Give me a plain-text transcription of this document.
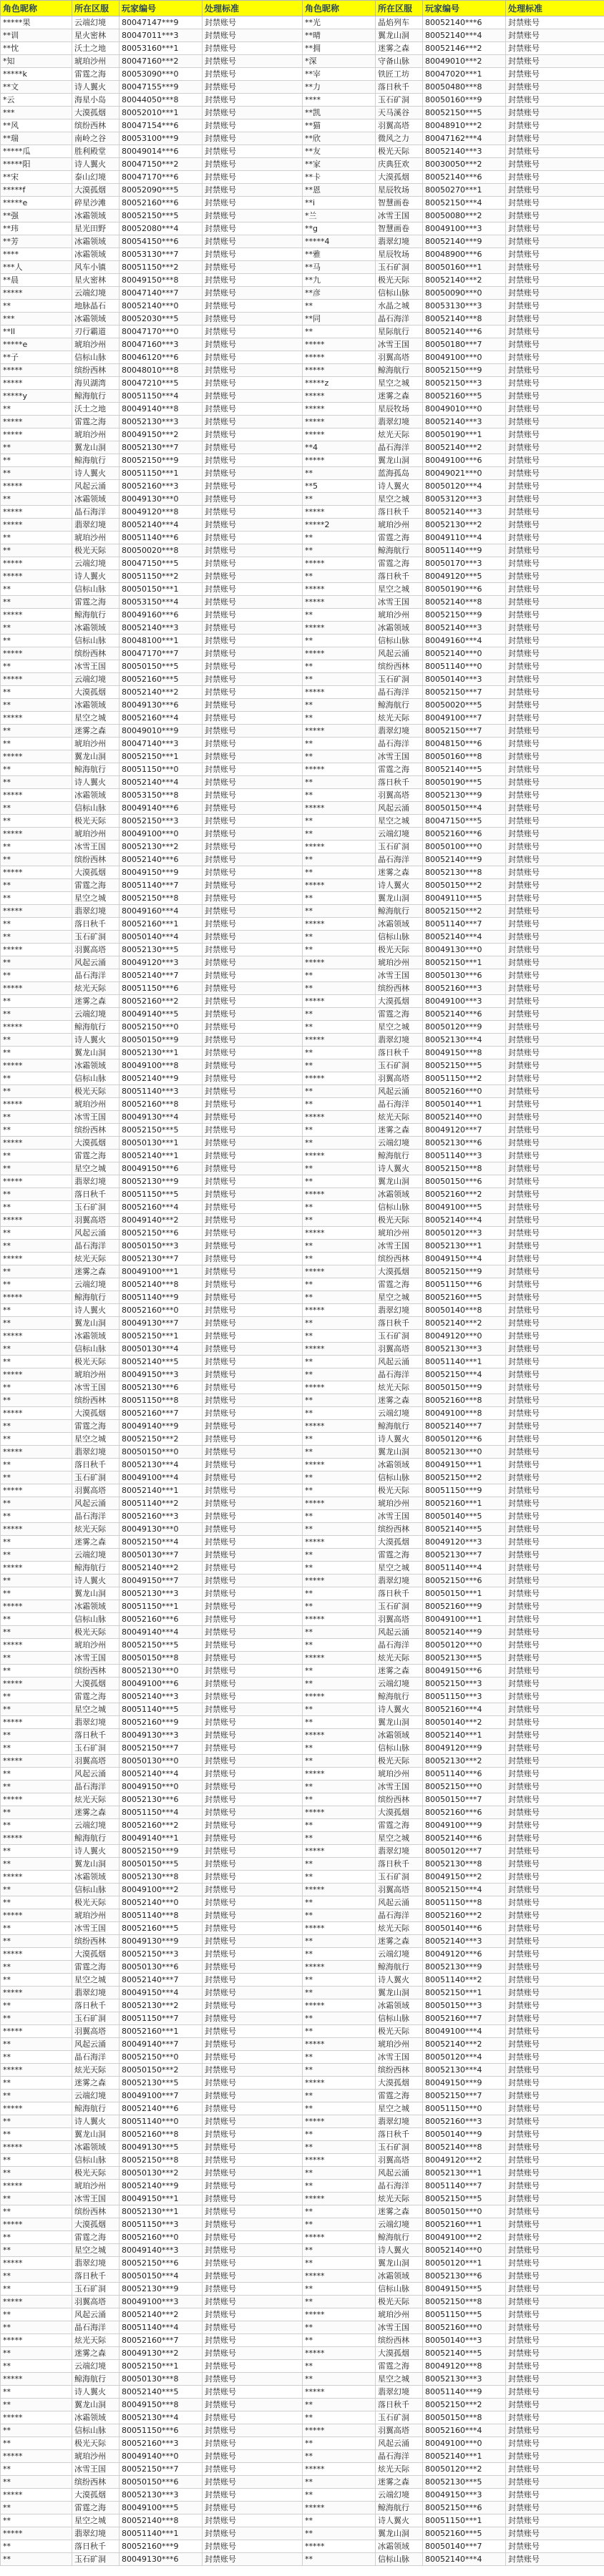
角色昵称	所在区服	玩家编号	处理标准	角色昵称	所在区服	玩家编号	处理标准
*****果	云端幻境	80047147***9	封禁账号	**光	晶焰列车	80052140***6	封禁账号
**训	星火密林	80047011***3	封禁账号	**晴	翼龙山洞	80052140***4	封禁账号
**忱	沃土之地	80053160***1	封禁账号	**拥	迷雾之森	80052146***2	封禁账号
*知	琥珀沙州	80047160***2	封禁账号	*深	守备山脉	80049010***2	封禁账号
*****k	雷霆之海	80053090***0	封禁账号	**宰	铁匠工坊	80047020***1	封禁账号
**文	诗人翼火	80047155***9	封禁账号	**力	落日秋千	80050480***8	封禁账号
*云	海星小岛	80044050***8	封禁账号	****	玉石矿洞	80050160***9	封禁账号
***	大漠孤烟	80052010***1	封禁账号	**凯	天马溪谷	80052150***5	封禁账号
**风	缤纷西林	80047154***6	封禁账号	**猫	羽翼高塔	80048910***2	封禁账号
**瑞	南岭之谷	80053100***9	封禁账号	**欣	微风之力	80047162***4	封禁账号
*****瓜	胜利殿堂	80049014***6	封禁账号	**友	极光天际	80052140***3	封禁账号
*****阳	诗人翼火	80047150***2	封禁账号	**家	庆典狂欢	80030050***2	封禁账号
**宋	泰山幻境	80047170***6	封禁账号	**卡	大漠孤烟	80052140***6	封禁账号
*****f	大漠孤烟	80052090***5	封禁账号	**恩	星辰牧场	80050270***1	封禁账号
*****e	碎星沙滩	80052160***6	封禁账号	**i	智慧画卷	80052150***4	封禁账号
**强	冰霜领域	80052150***5	封禁账号	*兰	冰雪王国	80050080***2	封禁账号
**玮	星光田野	80052080***4	封禁账号	**g	智慧画卷	80049100***3	封禁账号
**芳	冰霜领域	80054150***6	封禁账号	*****4	翡翠幻境	80052140***9	封禁账号
****	冰霜领域	80053130***7	封禁账号	**雅	星辰牧场	80048900***6	封禁账号
***人	风车小镇	80051150***2	封禁账号	**马	玉石矿洞	80050160***1	封禁账号
**晨	星火密林	80049150***8	封禁账号	**九	极光天际	80052140***2	封禁账号
*****	云端幻境	80047140***7	封禁账号	**彦	信标山脉	80050090***0	封禁账号
**	地脉晶石	80052140***0	封禁账号	**	水晶之城	80053130***3	封禁账号
***	冰霜领域	80052030***5	封禁账号	**同	晶石海洋	80052140***8	封禁账号
**ll	刃行霸道	80047170***0	封禁账号	**	星际航行	80052140***6	封禁账号
*****e	琥珀沙州	80047160***3	封禁账号	*****	冰雪王国	80050180***7	封禁账号
**子	信标山脉	80046120***6	封禁账号	*****	羽翼高塔	80049100***0	封禁账号
*****	缤纷西林	80048010***8	封禁账号	*****	鲸海航行	80052150***9	封禁账号
*****	海贝湖湾	80047210***5	封禁账号	*****z	星空之城	80052150***3	封禁账号
*****y	鲸海航行	80051150***4	封禁账号	*****	迷雾之森	80052160***5	封禁账号
**	沃土之地	80049140***8	封禁账号	*****	星辰牧场	80049010***0	封禁账号
*****	雷霆之海	80052130***3	封禁账号	*****	翡翠幻境	80052140***3	封禁账号
*****	琥珀沙州	80049150***2	封禁账号	*****	炫光天际	80050190***1	封禁账号
**	翼龙山洞	80052130***7	封禁账号	**4	晶石海洋	80052140***2	封禁账号
**	鲸海航行	80052150***9	封禁账号	*****	翼龙山洞	80049100***6	封禁账号
**	诗人翼火	80051150***1	封禁账号	**	蓝海孤岛	80049021***0	封禁账号
*****	风起云涌	80052160***3	封禁账号	**5	诗人翼火	80050120***4	封禁账号
**	冰霜领域	80049130***0	封禁账号	**	星空之城	80053120***3	封禁账号
*****	晶石海洋	80049120***8	封禁账号	*****	落日秋千	80052140***3	封禁账号
*****	翡翠幻境	80052140***4	封禁账号	*****2	琥珀沙州	80052130***2	封禁账号
**	琥珀沙州	80051140***6	封禁账号	**	雷霆之海	80049110***4	封禁账号
**	极光天际	80050020***8	封禁账号	**	鲸海航行	80051140***9	封禁账号
*****	云端幻境	80047150***5	封禁账号	*****	雷霆之海	80050170***3	封禁账号
*****	诗人翼火	80051150***2	封禁账号	**	落日秋千	80049120***5	封禁账号
**	信标山脉	80050150***1	封禁账号	*****	星空之城	80050190***6	封禁账号
**	雷霆之海	80053150***4	封禁账号	*****	冰雪王国	80052140***8	封禁账号
*****	鲸海航行	80049160***6	封禁账号	**	琥珀沙州	80052150***9	封禁账号
**	冰霜领域	80052140***3	封禁账号	*****	冰霜领域	80052140***3	封禁账号
**	信标山脉	80048100***1	封禁账号	**	信标山脉	80049160***4	封禁账号
*****	缤纷西林	80047170***7	封禁账号	*****	风起云涌	80052140***0	封禁账号
**	冰雪王国	80050150***5	封禁账号	**	缤纷西林	80051140***0	封禁账号
*****	云端幻境	80052160***5	封禁账号	**	玉石矿洞	80050140***3	封禁账号
**	大漠孤烟	80052140***2	封禁账号	*****	晶石海洋	80052150***7	封禁账号
**	冰霜领域	80049130***6	封禁账号	**	鲸海航行	80050020***5	封禁账号
*****	星空之城	80052160***4	封禁账号	**	炫光天际	80049100***7	封禁账号
**	迷雾之森	80049010***9	封禁账号	*****	翡翠幻境	80052150***7	封禁账号
**	琥珀沙州	80047140***3	封禁账号	**	晶石海洋	80048150***6	封禁账号
*****	翼龙山洞	80052150***1	封禁账号	**	冰雪王国	80050160***8	封禁账号
**	鲸海航行	80051150***0	封禁账号	*****	雷霆之海	80052140***5	封禁账号
**	诗人翼火	80052140***4	封禁账号	**	落日秋千	80050190***5	封禁账号
*****	冰霜领域	80053150***8	封禁账号	**	羽翼高塔	80052130***9	封禁账号
**	信标山脉	80049140***6	封禁账号	*****	风起云涌	80050150***4	封禁账号
**	极光天际	80052150***3	封禁账号	**	星空之城	80047150***5	封禁账号
*****	琥珀沙州	80049100***0	封禁账号	**	云端幻境	80052160***6	封禁账号
**	冰雪王国	80052130***2	封禁账号	*****	玉石矿洞	80050100***0	封禁账号
**	缤纷西林	80052140***6	封禁账号	**	晶石海洋	80052140***9	封禁账号
*****	大漠孤烟	80049150***9	封禁账号	**	迷雾之森	80052130***8	封禁账号
**	雷霆之海	80051140***7	封禁账号	*****	诗人翼火	80050150***2	封禁账号
**	星空之城	80052150***8	封禁账号	**	翼龙山洞	80049110***5	封禁账号
*****	翡翠幻境	80049160***4	封禁账号	**	鲸海航行	80052150***2	封禁账号
**	落日秋千	80052160***1	封禁账号	*****	冰霜领域	80051140***7	封禁账号
**	玉石矿洞	80050140***4	封禁账号	**	信标山脉	80052140***4	封禁账号
*****	羽翼高塔	80052130***5	封禁账号	**	极光天际	80049130***0	封禁账号
**	风起云涌	80049120***3	封禁账号	*****	琥珀沙州	80052150***1	封禁账号
**	晶石海洋	80052140***7	封禁账号	**	冰雪王国	80050130***6	封禁账号
*****	炫光天际	80051150***6	封禁账号	**	缤纷西林	80052160***3	封禁账号
**	迷雾之森	80052160***2	封禁账号	*****	大漠孤烟	80049100***3	封禁账号
**	云端幻境	80049140***5	封禁账号	**	雷霆之海	80052140***6	封禁账号
*****	鲸海航行	80052150***0	封禁账号	**	星空之城	80050120***9	封禁账号
**	诗人翼火	80050150***9	封禁账号	*****	翡翠幻境	80052130***4	封禁账号
**	翼龙山洞	80052130***1	封禁账号	**	落日秋千	80049150***8	封禁账号
*****	冰霜领域	80049100***8	封禁账号	**	玉石矿洞	80052150***5	封禁账号
**	信标山脉	80052140***9	封禁账号	*****	羽翼高塔	80051150***2	封禁账号
**	极光天际	80051140***3	封禁账号	**	风起云涌	80052160***0	封禁账号
*****	琥珀沙州	80052160***8	封禁账号	**	晶石海洋	80050140***1	封禁账号
**	冰雪王国	80049130***4	封禁账号	*****	炫光天际	80052140***0	封禁账号
**	缤纷西林	80052150***5	封禁账号	**	迷雾之森	80049120***7	封禁账号
*****	大漠孤烟	80050130***1	封禁账号	**	云端幻境	80052130***6	封禁账号
**	雷霆之海	80052140***1	封禁账号	*****	鲸海航行	80051140***3	封禁账号
**	星空之城	80049150***6	封禁账号	**	诗人翼火	80052150***8	封禁账号
*****	翡翠幻境	80052130***9	封禁账号	**	翼龙山洞	80050150***6	封禁账号
**	落日秋千	80051150***5	封禁账号	*****	冰霜领域	80052160***2	封禁账号
**	玉石矿洞	80052160***4	封禁账号	**	信标山脉	80049100***5	封禁账号
*****	羽翼高塔	80049140***2	封禁账号	**	极光天际	80052140***4	封禁账号
**	风起云涌	80052150***6	封禁账号	*****	琥珀沙州	80050120***3	封禁账号
**	晶石海洋	80050150***3	封禁账号	**	冰雪王国	80052130***1	封禁账号
*****	炫光天际	80052130***7	封禁账号	**	缤纷西林	80049150***4	封禁账号
**	迷雾之森	80049100***1	封禁账号	*****	大漠孤烟	80052150***9	封禁账号
**	云端幻境	80052140***8	封禁账号	**	雷霆之海	80051150***6	封禁账号
*****	鲸海航行	80051140***9	封禁账号	**	星空之城	80052160***5	封禁账号
**	诗人翼火	80052160***0	封禁账号	*****	翡翠幻境	80050140***8	封禁账号
**	翼龙山洞	80049130***7	封禁账号	**	落日秋千	80052140***2	封禁账号
*****	冰霜领域	80052150***1	封禁账号	**	玉石矿洞	80049120***0	封禁账号
**	信标山脉	80050130***4	封禁账号	*****	羽翼高塔	80052130***3	封禁账号
**	极光天际	80052140***5	封禁账号	**	风起云涌	80051140***1	封禁账号
*****	琥珀沙州	80049150***3	封禁账号	**	晶石海洋	80052150***4	封禁账号
**	冰雪王国	80052130***6	封禁账号	*****	炫光天际	80050150***9	封禁账号
**	缤纷西林	80051150***8	封禁账号	**	迷雾之森	80052160***8	封禁账号
*****	大漠孤烟	80052160***7	封禁账号	**	云端幻境	80049100***8	封禁账号
**	雷霆之海	80049140***9	封禁账号	*****	鲸海航行	80052140***7	封禁账号
**	星空之城	80052150***2	封禁账号	**	诗人翼火	80050120***6	封禁账号
*****	翡翠幻境	80050150***0	封禁账号	**	翼龙山洞	80052130***0	封禁账号
**	落日秋千	80052130***4	封禁账号	*****	冰霜领域	80049150***1	封禁账号
**	玉石矿洞	80049100***4	封禁账号	**	信标山脉	80052150***2	封禁账号
*****	羽翼高塔	80052140***1	封禁账号	**	极光天际	80051150***9	封禁账号
**	风起云涌	80051140***2	封禁账号	*****	琥珀沙州	80052160***1	封禁账号
**	晶石海洋	80052160***3	封禁账号	**	冰雪王国	80050140***5	封禁账号
*****	炫光天际	80049130***0	封禁账号	**	缤纷西林	80052140***5	封禁账号
**	迷雾之森	80052150***4	封禁账号	*****	大漠孤烟	80049120***3	封禁账号
**	云端幻境	80050130***7	封禁账号	**	雷霆之海	80052130***7	封禁账号
*****	鲸海航行	80052140***2	封禁账号	**	星空之城	80051140***4	封禁账号
**	诗人翼火	80049150***7	封禁账号	*****	翡翠幻境	80052150***6	封禁账号
**	翼龙山洞	80052130***3	封禁账号	**	落日秋千	80050150***1	封禁账号
*****	冰霜领域	80051150***1	封禁账号	**	玉石矿洞	80052160***9	封禁账号
**	信标山脉	80052160***6	封禁账号	*****	羽翼高塔	80049100***1	封禁账号
**	极光天际	80049140***4	封禁账号	**	风起云涌	80052140***9	封禁账号
*****	琥珀沙州	80052150***5	封禁账号	**	晶石海洋	80050120***0	封禁账号
**	冰雪王国	80050150***8	封禁账号	*****	炫光天际	80052130***5	封禁账号
**	缤纷西林	80052130***0	封禁账号	**	迷雾之森	80049150***6	封禁账号
*****	大漠孤烟	80049100***6	封禁账号	**	云端幻境	80052150***3	封禁账号
**	雷霆之海	80052140***3	封禁账号	*****	鲸海航行	80051150***3	封禁账号
**	星空之城	80051140***5	封禁账号	**	诗人翼火	80052160***4	封禁账号
*****	翡翠幻境	80052160***9	封禁账号	**	翼龙山洞	80050140***2	封禁账号
**	落日秋千	80049130***3	封禁账号	*****	冰霜领域	80052140***1	封禁账号
**	玉石矿洞	80052150***7	封禁账号	**	信标山脉	80049120***9	封禁账号
*****	羽翼高塔	80050130***0	封禁账号	**	极光天际	80052130***2	封禁账号
**	风起云涌	80052140***4	封禁账号	*****	琥珀沙州	80051140***6	封禁账号
**	晶石海洋	80049150***0	封禁账号	**	冰雪王国	80052150***0	封禁账号
*****	炫光天际	80052130***6	封禁账号	**	缤纷西林	80050150***7	封禁账号
**	迷雾之森	80051150***4	封禁账号	*****	大漠孤烟	80052160***6	封禁账号
**	云端幻境	80052160***2	封禁账号	**	雷霆之海	80049100***9	封禁账号
*****	鲸海航行	80049140***1	封禁账号	**	星空之城	80052140***6	封禁账号
**	诗人翼火	80052150***9	封禁账号	*****	翡翠幻境	80050120***7	封禁账号
**	翼龙山洞	80050150***5	封禁账号	**	落日秋千	80052130***8	封禁账号
*****	冰霜领域	80052130***8	封禁账号	**	玉石矿洞	80049150***2	封禁账号
**	信标山脉	80049100***2	封禁账号	*****	羽翼高塔	80052150***4	封禁账号
**	极光天际	80052140***0	封禁账号	**	风起云涌	80051150***8	封禁账号
*****	琥珀沙州	80051140***8	封禁账号	**	晶石海洋	80052160***2	封禁账号
**	冰雪王国	80052160***5	封禁账号	*****	炫光天际	80050140***6	封禁账号
**	缤纷西林	80049130***9	封禁账号	**	迷雾之森	80052140***3	封禁账号
*****	大漠孤烟	80052150***3	封禁账号	**	云端幻境	80049120***6	封禁账号
**	雷霆之海	80050130***6	封禁账号	*****	鲸海航行	80052130***9	封禁账号
**	星空之城	80052140***7	封禁账号	**	诗人翼火	80051140***2	封禁账号
*****	翡翠幻境	80049150***4	封禁账号	**	翼龙山洞	80052150***1	封禁账号
**	落日秋千	80052130***2	封禁账号	*****	冰霜领域	80050150***3	封禁账号
**	玉石矿洞	80051150***7	封禁账号	**	信标山脉	80052160***7	封禁账号
*****	羽翼高塔	80052160***1	封禁账号	**	极光天际	80049100***4	封禁账号
**	风起云涌	80049140***7	封禁账号	*****	琥珀沙州	80052140***2	封禁账号
**	晶石海洋	80052150***0	封禁账号	**	冰雪王国	80050120***4	封禁账号
*****	炫光天际	80050150***2	封禁账号	**	缤纷西林	80052130***4	封禁账号
**	迷雾之森	80052130***5	封禁账号	*****	大漠孤烟	80049150***9	封禁账号
**	云端幻境	80049100***7	封禁账号	**	雷霆之海	80052150***7	封禁账号
*****	鲸海航行	80052140***6	封禁账号	**	星空之城	80051150***0	封禁账号
**	诗人翼火	80051140***0	封禁账号	*****	翡翠幻境	80052160***3	封禁账号
**	翼龙山洞	80052160***8	封禁账号	**	落日秋千	80050140***9	封禁账号
*****	冰霜领域	80049130***5	封禁账号	**	玉石矿洞	80052140***8	封禁账号
**	信标山脉	80052150***8	封禁账号	*****	羽翼高塔	80049120***2	封禁账号
**	极光天际	80050130***2	封禁账号	**	风起云涌	80052130***1	封禁账号
*****	琥珀沙州	80052140***9	封禁账号	**	晶石海洋	80051140***7	封禁账号
**	冰雪王国	80049150***1	封禁账号	*****	炫光天际	80052150***5	封禁账号
**	缤纷西林	80052130***1	封禁账号	**	迷雾之森	80050150***0	封禁账号
*****	大漠孤烟	80051150***3	封禁账号	**	云端幻境	80052160***1	封禁账号
**	雷霆之海	80052160***0	封禁账号	*****	鲸海航行	80049100***2	封禁账号
**	星空之城	80049140***3	封禁账号	**	诗人翼火	80052140***0	封禁账号
*****	翡翠幻境	80052150***6	封禁账号	**	翼龙山洞	80050120***1	封禁账号
**	落日秋千	80050150***4	封禁账号	*****	冰霜领域	80052130***6	封禁账号
**	玉石矿洞	80052130***9	封禁账号	**	信标山脉	80049150***5	封禁账号
*****	羽翼高塔	80049100***3	封禁账号	**	极光天际	80052150***8	封禁账号
**	风起云涌	80052140***2	封禁账号	*****	琥珀沙州	80051150***5	封禁账号
**	晶石海洋	80051140***4	封禁账号	**	冰雪王国	80052160***0	封禁账号
*****	炫光天际	80052160***7	封禁账号	**	缤纷西林	80050140***3	封禁账号
**	迷雾之森	80049130***2	封禁账号	*****	大漠孤烟	80052140***5	封禁账号
**	云端幻境	80052150***1	封禁账号	**	雷霆之海	80049120***8	封禁账号
*****	鲸海航行	80050130***8	封禁账号	**	星空之城	80052130***3	封禁账号
**	诗人翼火	80052140***5	封禁账号	*****	翡翠幻境	80051140***9	封禁账号
**	翼龙山洞	80049150***8	封禁账号	**	落日秋千	80052150***2	封禁账号
*****	冰霜领域	80052130***4	封禁账号	**	玉石矿洞	80050150***8	封禁账号
**	信标山脉	80051150***6	封禁账号	*****	羽翼高塔	80052160***4	封禁账号
**	极光天际	80052160***3	封禁账号	**	风起云涌	80049100***0	封禁账号
*****	琥珀沙州	80049140***0	封禁账号	**	晶石海洋	80052140***1	封禁账号
**	冰雪王国	80052150***7	封禁账号	*****	炫光天际	80050120***2	封禁账号
**	缤纷西林	80050150***6	封禁账号	**	迷雾之森	80052130***5	封禁账号
*****	大漠孤烟	80052130***3	封禁账号	**	云端幻境	80049150***3	封禁账号
**	雷霆之海	80049100***5	封禁账号	*****	鲸海航行	80052150***6	封禁账号
**	星空之城	80052140***8	封禁账号	**	诗人翼火	80051150***1	封禁账号
*****	翡翠幻境	80051140***1	封禁账号	**	翼龙山洞	80052160***5	封禁账号
**	落日秋千	80052160***9	封禁账号	*****	冰霜领域	80050140***7	封禁账号
**	玉石矿洞	80049130***6	封禁账号	**	信标山脉	80052140***4	封禁账号
